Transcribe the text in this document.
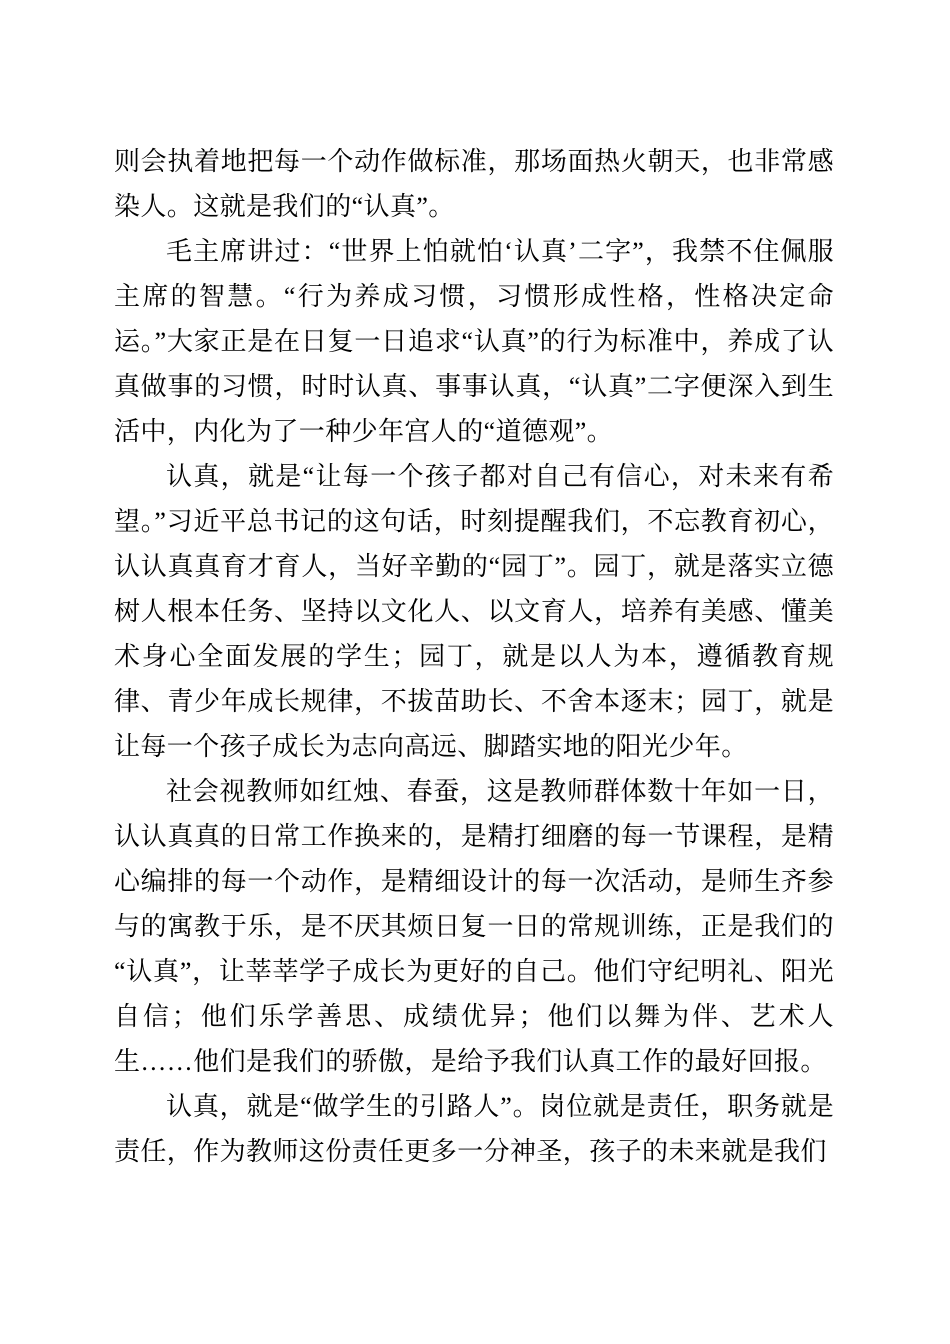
则会执着地把每一个动作做标准，那场面热火朝天，也非常感染人。这就是我们的“认真”。

毛主席讲过：“世界上怕就怕‘认真’二字”，我禁不住佩服主席的智慧。“行为养成习惯，习惯形成性格，性格决定命运。”大家正是在日复一日追求“认真”的行为标准中，养成了认真做事的习惯，时时认真、事事认真，“认真”二字便深入到生活中，内化为了一种少年宫人的“道德观”。

认真，就是“让每一个孩子都对自己有信心，对未来有希望。”习近平总书记的这句话，时刻提醒我们，不忘教育初心，认认真真育才育人，当好辛勤的“园丁”。园丁，就是落实立德树人根本任务、坚持以文化人、以文育人，培养有美感、懂美术身心全面发展的学生；园丁，就是以人为本，遵循教育规律、青少年成长规律，不拔苗助长、不舍本逐末；园丁，就是让每一个孩子成长为志向高远、脚踏实地的阳光少年。

社会视教师如红烛、春蚕，这是教师群体数十年如一日，认认真真的日常工作换来的，是精打细磨的每一节课程，是精心编排的每一个动作，是精细设计的每一次活动，是师生齐参与的寓教于乐，是不厌其烦日复一日的常规训练，正是我们的“认真”，让莘莘学子成长为更好的自己。他们守纪明礼、阳光自信；他们乐学善思、成绩优异；他们以舞为伴、艺术人生……他们是我们的骄傲，是给予我们认真工作的最好回报。

认真，就是“做学生的引路人”。岗位就是责任，职务就是责任，作为教师这份责任更多一分神圣，孩子的未来就是我们
